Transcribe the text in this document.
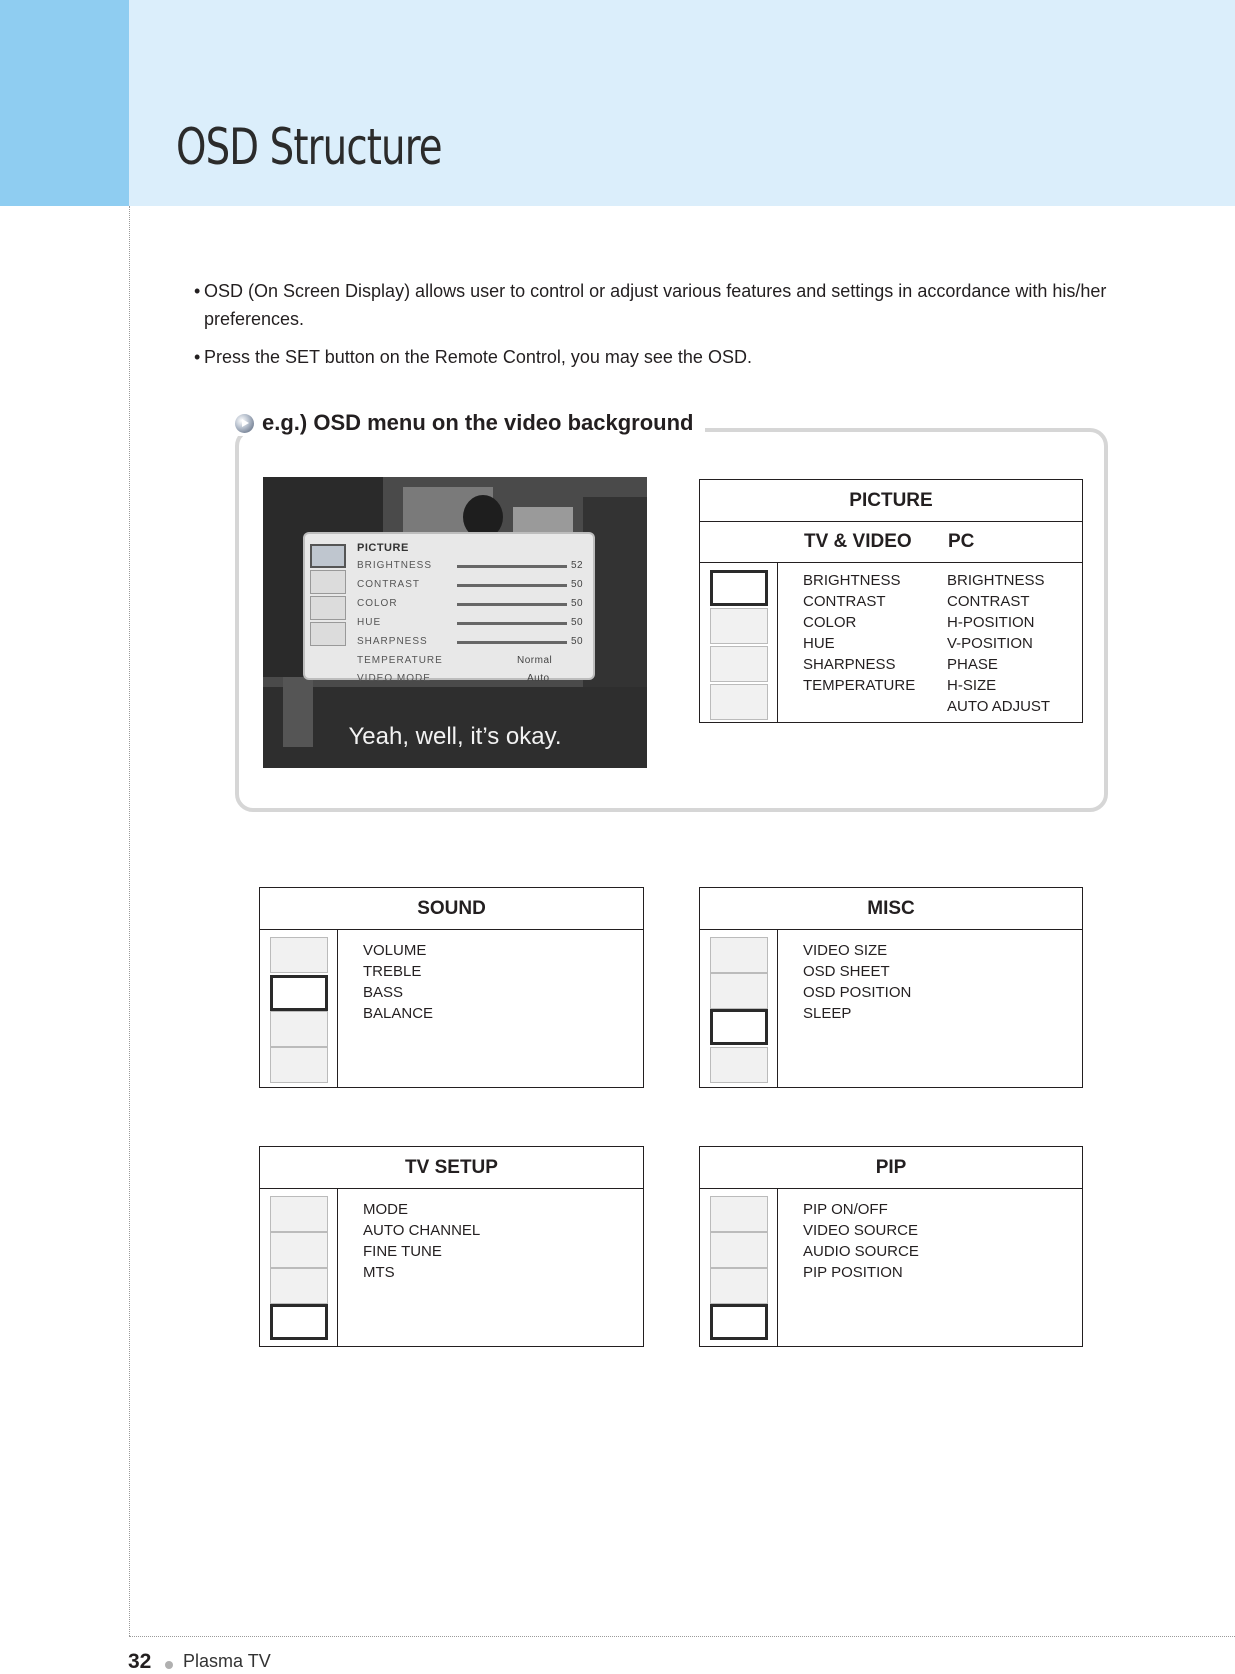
OSD Structure
• OSD (On Screen Display) allows user to control or adjust various features and settings in accordance with his/her
preferences.
• Press the SET button on the Remote Control, you may see the OSD.
e.g.) OSD menu on the video background
PICTURE
BRIGHTNESS
CONTRAST
COLOR
HUE
SHARPNESS
TEMPERATURE
VIDEO MODE
52
50
50
50
50
Normal
Auto
Yeah, well, it’s okay.
PICTURE
TV & VIDEO PC
BRIGHTNESS
CONTRAST
COLOR
HUE
SHARPNESS
TEMPERATURE
BRIGHTNESS
CONTRAST
H-POSITION
V-POSITION
PHASE
H-SIZE
AUTO ADJUST
SOUND
VOLUME
TREBLE
BASS
BALANCE
MISC
VIDEO SIZE
OSD SHEET
OSD POSITION
SLEEP
TV SETUP
MODE
AUTO CHANNEL
FINE TUNE
MTS
PIP
PIP ON/OFF
VIDEO SOURCE
AUDIO SOURCE
PIP POSITION
32 Plasma TV
